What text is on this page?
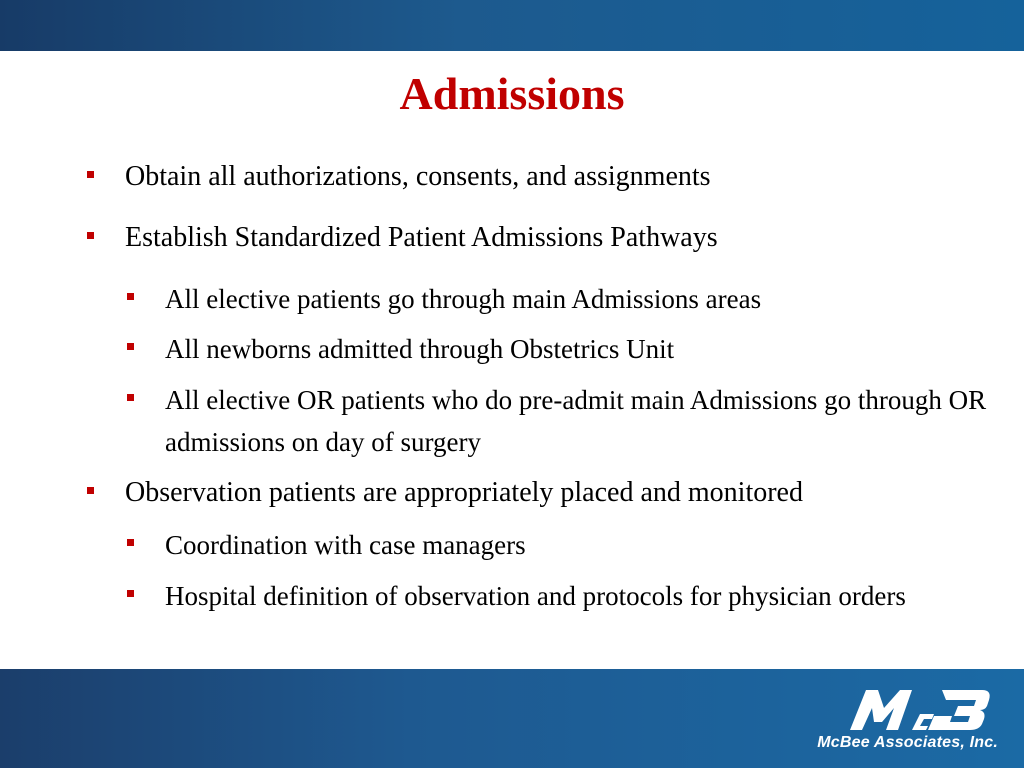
Admissions
Obtain all authorizations, consents, and assignments
Establish Standardized Patient Admissions Pathways
All elective patients go through main Admissions areas
All newborns admitted through Obstetrics Unit
All elective OR patients who do pre-admit main Admissions go through OR admissions on day of surgery
Observation patients are appropriately placed and monitored
Coordination with case managers
Hospital definition of observation and protocols for physician orders
McBee Associates, Inc.
